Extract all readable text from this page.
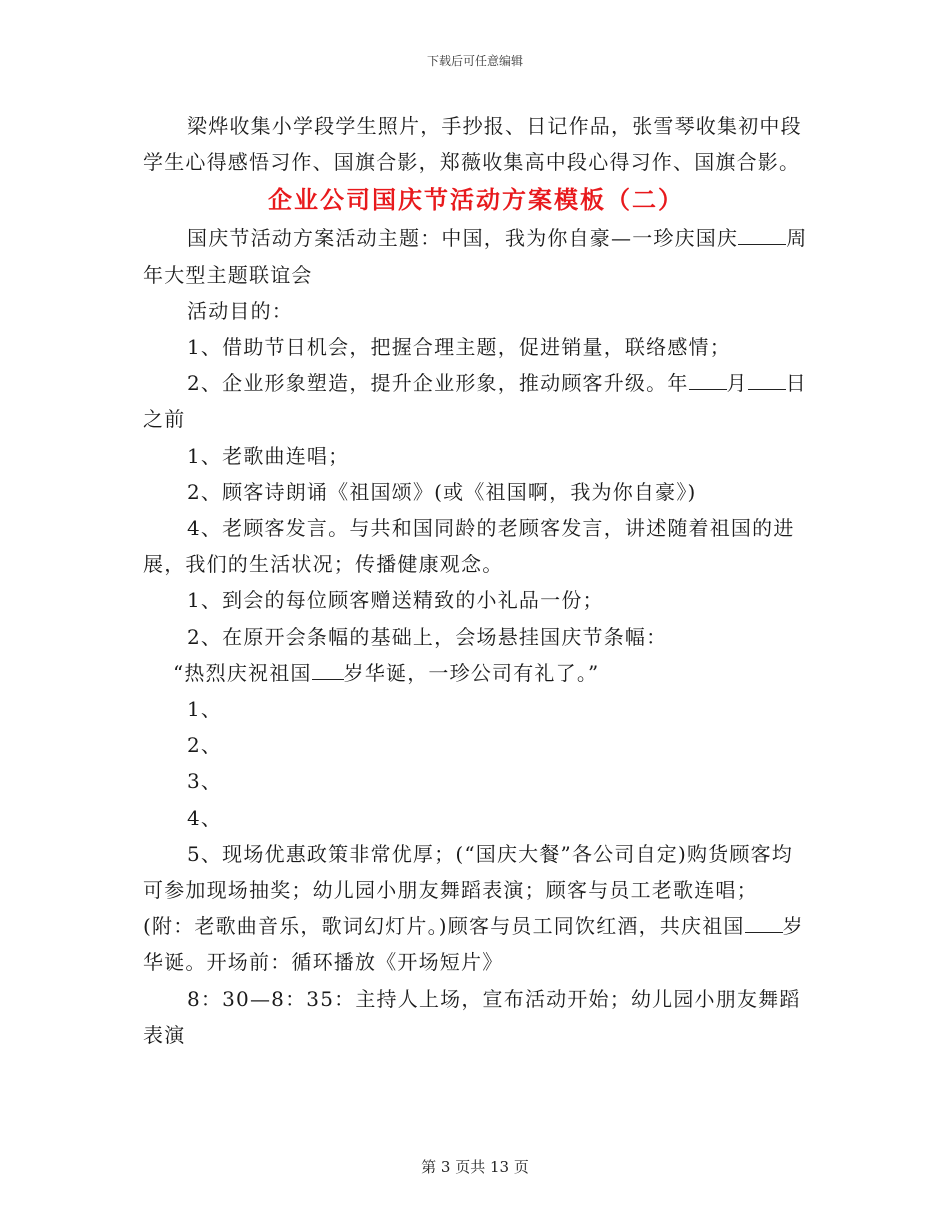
下载后可任意编辑

梁烨收集小学段学生照片，手抄报、日记作品，张雪琴收集初中段学生心得感悟习作、国旗合影，郑薇收集高中段心得习作、国旗合影。

企业公司国庆节活动方案模板（二）

国庆节活动方案活动主题：中国，我为你自豪—一珍庆国庆 周年大型主题联谊会

活动目的：

1、借助节日机会，把握合理主题，促进销量，联络感情；

2、企业形象塑造，提升企业形象，推动顾客升级。年 月 日之前

1、老歌曲连唱；

2、顾客诗朗诵《祖国颂》(或《祖国啊，我为你自豪》)

4、老顾客发言。与共和国同龄的老顾客发言，讲述随着祖国的进展，我们的生活状况；传播健康观念。

1、到会的每位顾客赠送精致的小礼品一份；

2、在原开会条幅的基础上，会场悬挂国庆节条幅：

“热烈庆祝祖国 岁华诞，一珍公司有礼了。”

1、

2、

3、

4、

5、现场优惠政策非常优厚；(“国庆大餐”各公司自定)购货顾客均可参加现场抽奖；幼儿园小朋友舞蹈表演；顾客与员工老歌连唱；(附：老歌曲音乐，歌词幻灯片。)顾客与员工同饮红酒，共庆祖国 岁华诞。开场前：循环播放《开场短片》

8：30—8：35：主持人上场，宣布活动开始；幼儿园小朋友舞蹈表演

第 3 页共 13 页
